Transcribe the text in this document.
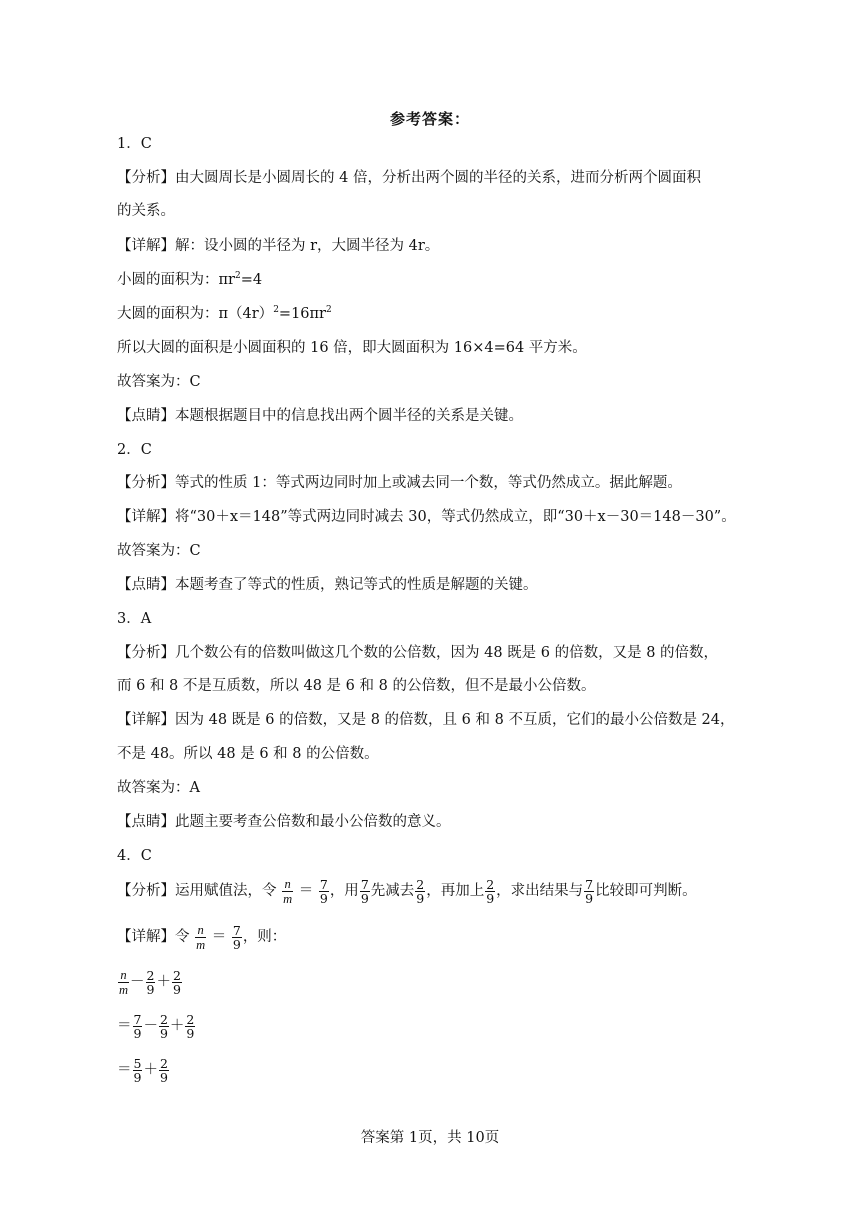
参考答案：
1．C
【分析】由大圆周长是小圆周长的 4 倍，分析出两个圆的半径的关系，进而分析两个圆面积
的关系。
【详解】解：设小圆的半径为 r，大圆半径为 4r。
小圆的面积为：$\pi r^2=4$
大圆的面积为：$\pi(4r)^2=16\pi r^2$
所以大圆的面积是小圆面积的 16 倍，即大圆面积为 16×4=64 平方米。
故答案为：C
【点睛】本题根据题目中的信息找出两个圆半径的关系是关键。
2．C
【分析】等式的性质 1：等式两边同时加上或减去同一个数，等式仍然成立。据此解题。
【详解】将“30＋x＝148”等式两边同时减去 30，等式仍然成立，即“30＋x－30＝148－30”。
故答案为：C
【点睛】本题考查了等式的性质，熟记等式的性质是解题的关键。
3．A
【分析】几个数公有的倍数叫做这几个数的公倍数，因为 48 既是 6 的倍数，又是 8 的倍数，
而 6 和 8 不是互质数，所以 48 是 6 和 8 的公倍数，但不是最小公倍数。
【详解】因为 48 既是 6 的倍数，又是 8 的倍数，且 6 和 8 不互质，它们的最小公倍数是 24，
不是 48。所以 48 是 6 和 8 的公倍数。
故答案为：A
【点睛】此题主要考查公倍数和最小公倍数的意义。
4．C
【分析】运用赋值法，令 $\frac{n}{m} = \frac{7}{9}$ ，用 $\frac{7}{9}$ 先减去 $\frac{2}{9}$ ，再加上 $\frac{2}{9}$ ，求出结果与 $\frac{7}{9}$ 比较即可判断。
【详解】令 $\frac{n}{m} = \frac{7}{9}$ ，则：
$\frac{n}{m} - \frac{2}{9} + \frac{2}{9}$
＝ $\frac{7}{9} - \frac{2}{9} + \frac{2}{9}$
＝ $\frac{5}{9} + \frac{2}{9}$
答案第 1页，共 10页
